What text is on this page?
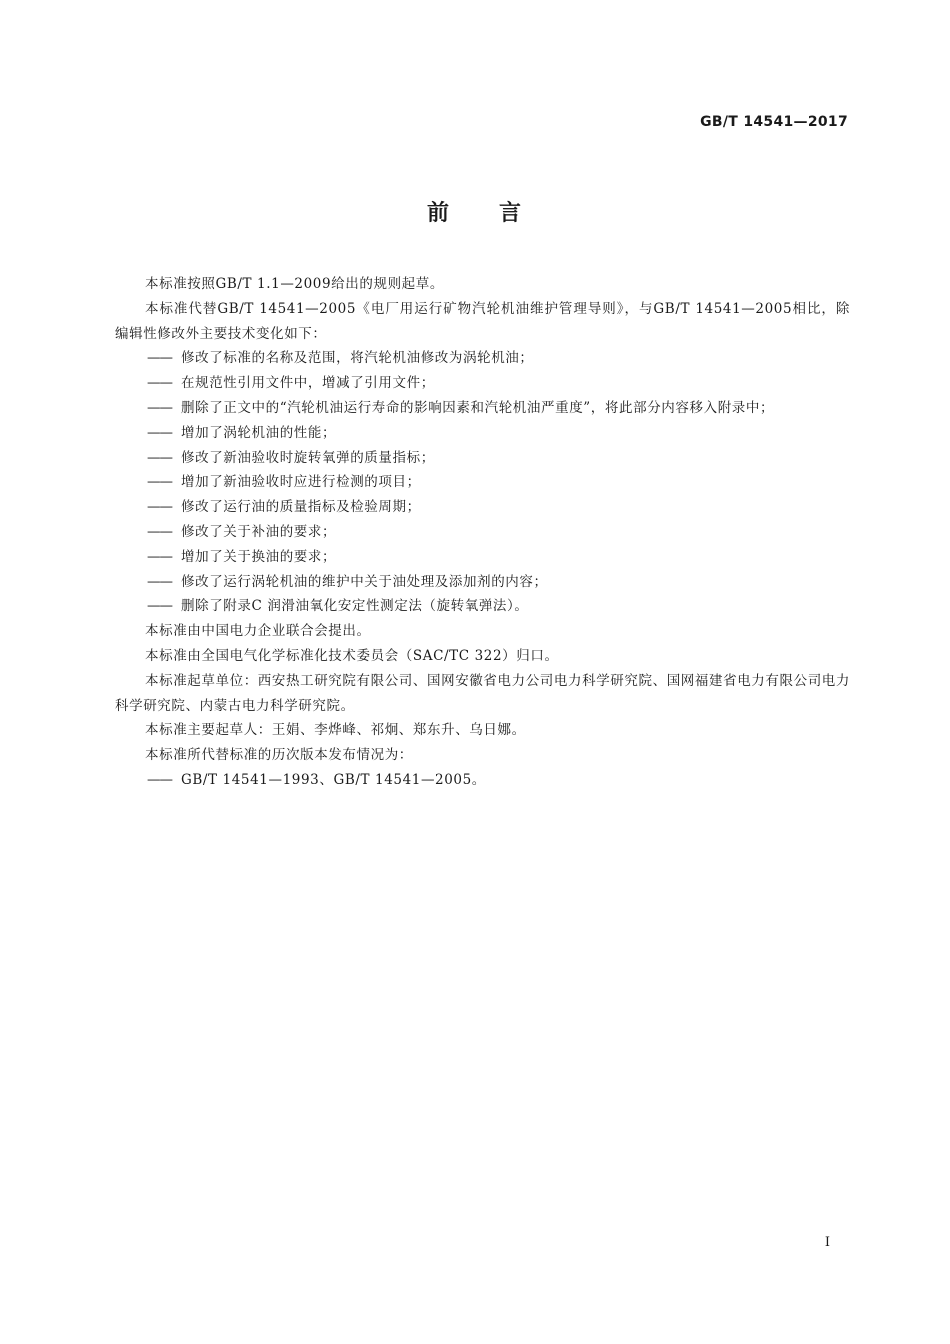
GB/T 14541—2017
前 言

本标准按照GB/T 1.1—2009给出的规则起草。

本标准代替GB/T 14541—2005《电厂用运行矿物汽轮机油维护管理导则》，与GB/T 14541—2005相比，除编辑性修改外主要技术变化如下：

—— 修改了标准的名称及范围，将汽轮机油修改为涡轮机油；

—— 在规范性引用文件中，增减了引用文件；

—— 删除了正文中的“汽轮机油运行寿命的影响因素和汽轮机油严重度”，将此部分内容移入附录中；

—— 增加了涡轮机油的性能；

—— 修改了新油验收时旋转氧弹的质量指标；

—— 增加了新油验收时应进行检测的项目；

—— 修改了运行油的质量指标及检验周期；

—— 修改了关于补油的要求；

—— 增加了关于换油的要求；

—— 修改了运行涡轮机油的维护中关于油处理及添加剂的内容；

—— 删除了附录C 润滑油氧化安定性测定法（旋转氧弹法）。

本标准由中国电力企业联合会提出。

本标准由全国电气化学标准化技术委员会（SAC/TC 322）归口。

本标准起草单位：西安热工研究院有限公司、国网安徽省电力公司电力科学研究院、国网福建省电力有限公司电力科学研究院、内蒙古电力科学研究院。

本标准主要起草人：王娟、李烨峰、祁炯、郑东升、乌日娜。

本标准所代替标准的历次版本发布情况为：

—— GB/T 14541—1993、GB/T 14541—2005。

I
